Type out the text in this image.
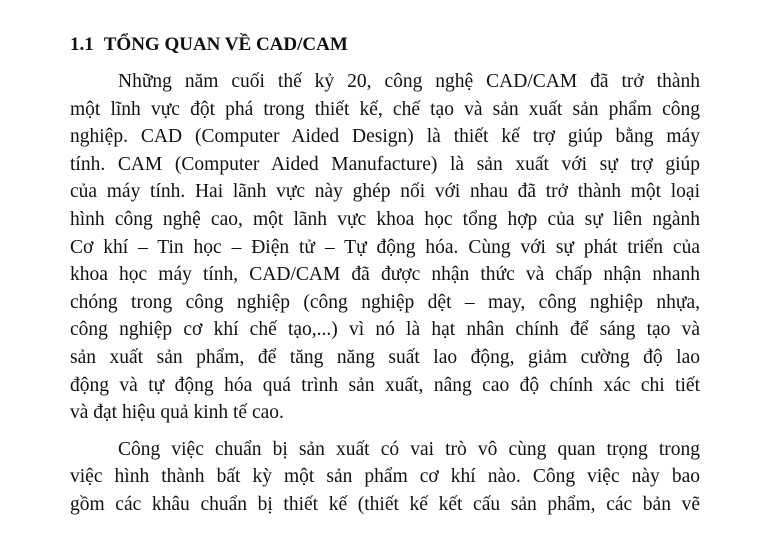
1.1 TỔNG QUAN VỀ CAD/CAM

Những năm cuối thế kỷ 20, công nghệ CAD/CAM đã trở thành
một lĩnh vực đột phá trong thiết kế, chế tạo và sản xuất sản phẩm công
nghiệp. CAD (Computer Aided Design) là thiết kế trợ giúp bằng máy
tính. CAM (Computer Aided Manufacture) là sản xuất với sự trợ giúp
của máy tính. Hai lãnh vực này ghép nối với nhau đã trở thành một loại
hình công nghệ cao, một lãnh vực khoa học tổng hợp của sự liên ngành
Cơ khí – Tin học – Điện tử – Tự động hóa. Cùng với sự phát triển của
khoa học máy tính, CAD/CAM đã được nhận thức và chấp nhận nhanh
chóng trong công nghiệp (công nghiệp dệt – may, công nghiệp nhựa,
công nghiệp cơ khí chế tạo,...) vì nó là hạt nhân chính để sáng tạo và
sản xuất sản phẩm, để tăng năng suất lao động, giảm cường độ lao
động và tự động hóa quá trình sản xuất, nâng cao độ chính xác chi tiết
và đạt hiệu quả kinh tế cao.

Công việc chuẩn bị sản xuất có vai trò vô cùng quan trọng trong
việc hình thành bất kỳ một sản phẩm cơ khí nào. Công việc này bao
gồm các khâu chuẩn bị thiết kế (thiết kế kết cấu sản phẩm, các bản vẽ
